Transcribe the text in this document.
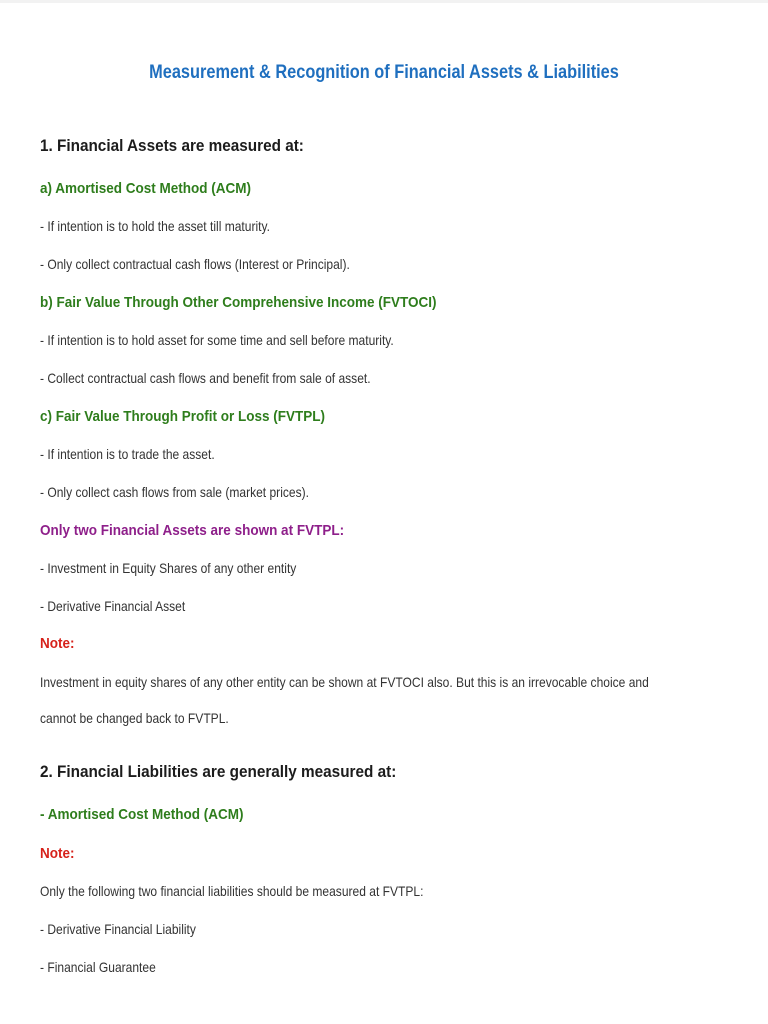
Measurement & Recognition of Financial Assets & Liabilities
1. Financial Assets are measured at:
a) Amortised Cost Method (ACM)
- If intention is to hold the asset till maturity.
- Only collect contractual cash flows (Interest or Principal).
b) Fair Value Through Other Comprehensive Income (FVTOCI)
- If intention is to hold asset for some time and sell before maturity.
- Collect contractual cash flows and benefit from sale of asset.
c) Fair Value Through Profit or Loss (FVTPL)
- If intention is to trade the asset.
- Only collect cash flows from sale (market prices).
Only two Financial Assets are shown at FVTPL:
- Investment in Equity Shares of any other entity
- Derivative Financial Asset
Note:
Investment in equity shares of any other entity can be shown at FVTOCI also. But this is an irrevocable choice and
cannot be changed back to FVTPL.
2. Financial Liabilities are generally measured at:
- Amortised Cost Method (ACM)
Note:
Only the following two financial liabilities should be measured at FVTPL:
- Derivative Financial Liability
- Financial Guarantee
